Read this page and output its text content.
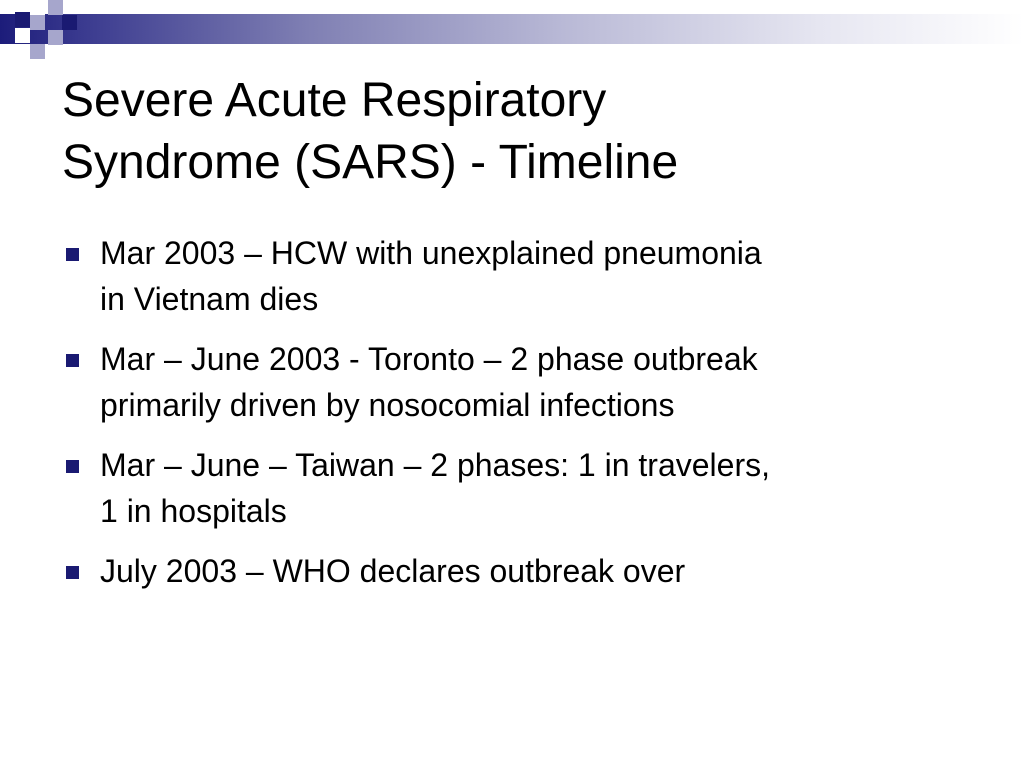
Severe Acute Respiratory
Syndrome (SARS) - Timeline
Mar 2003 – HCW with unexplained pneumonia
in Vietnam dies
Mar – June 2003 - Toronto – 2 phase outbreak
primarily driven by nosocomial infections
Mar – June – Taiwan – 2 phases: 1 in travelers,
1 in hospitals
July 2003 – WHO declares outbreak over
